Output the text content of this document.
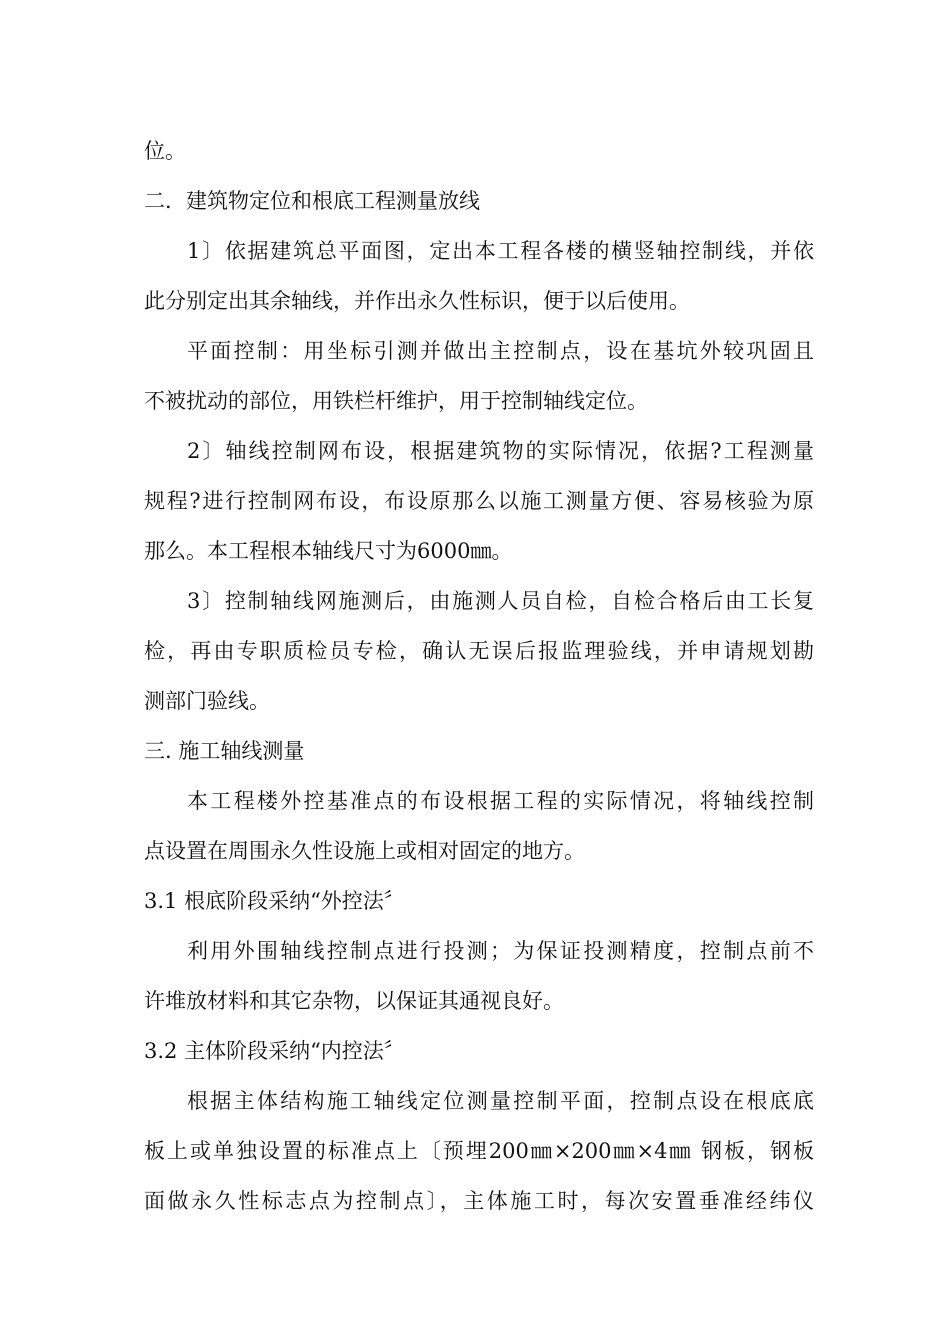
位。
二．建筑物定位和根底工程测量放线
1〕依据建筑总平面图，定出本工程各楼的横竖轴控制线，并依
此分别定出其余轴线，并作出永久性标识，便于以后使用。
平面控制：用坐标引测并做出主控制点，设在基坑外较巩固且
不被扰动的部位，用铁栏杆维护，用于控制轴线定位。
2〕轴线控制网布设，根据建筑物的实际情况，依据?工程测量
规程?进行控制网布设，布设原那么以施工测量方便、容易核验为原
那么。本工程根本轴线尺寸为6000㎜。
3〕控制轴线网施测后，由施测人员自检，自检合格后由工长复
检，再由专职质检员专检，确认无误后报监理验线，并申请规划勘
测部门验线。
三. 施工轴线测量
本工程楼外控基准点的布设根据工程的实际情况，将轴线控制
点设置在周围永久性设施上或相对固定的地方。
3.1 根底阶段采纳“外控法〞
利用外围轴线控制点进行投测；为保证投测精度，控制点前不
许堆放材料和其它杂物，以保证其通视良好。
3.2 主体阶段采纳“内控法〞
根据主体结构施工轴线定位测量控制平面，控制点设在根底底
板上或单独设置的标准点上〔预埋200㎜×200㎜×4㎜ 钢板，钢板
面做永久性标志点为控制点〕，主体施工时，每次安置垂准经纬仪
